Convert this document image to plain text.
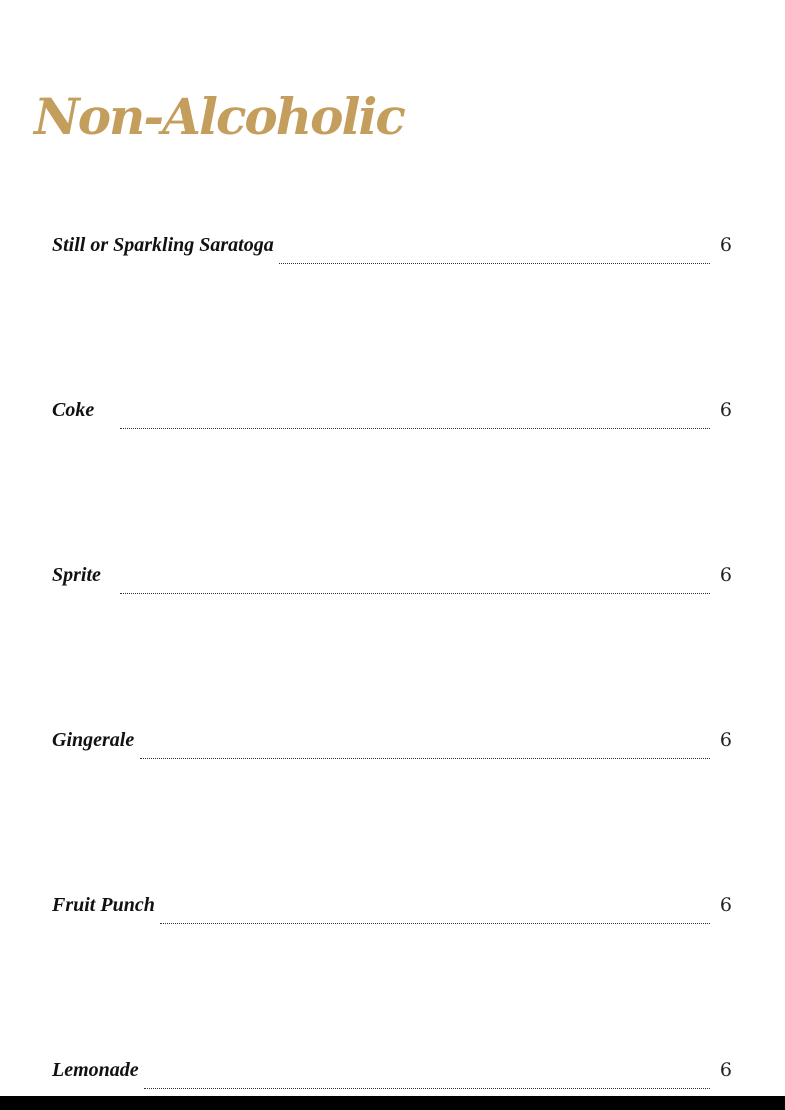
Non-Alcoholic
Still or Sparkling Saratoga	6
Coke	6
Sprite	6
Gingerale	6
Fruit Punch	6
Lemonade	6
